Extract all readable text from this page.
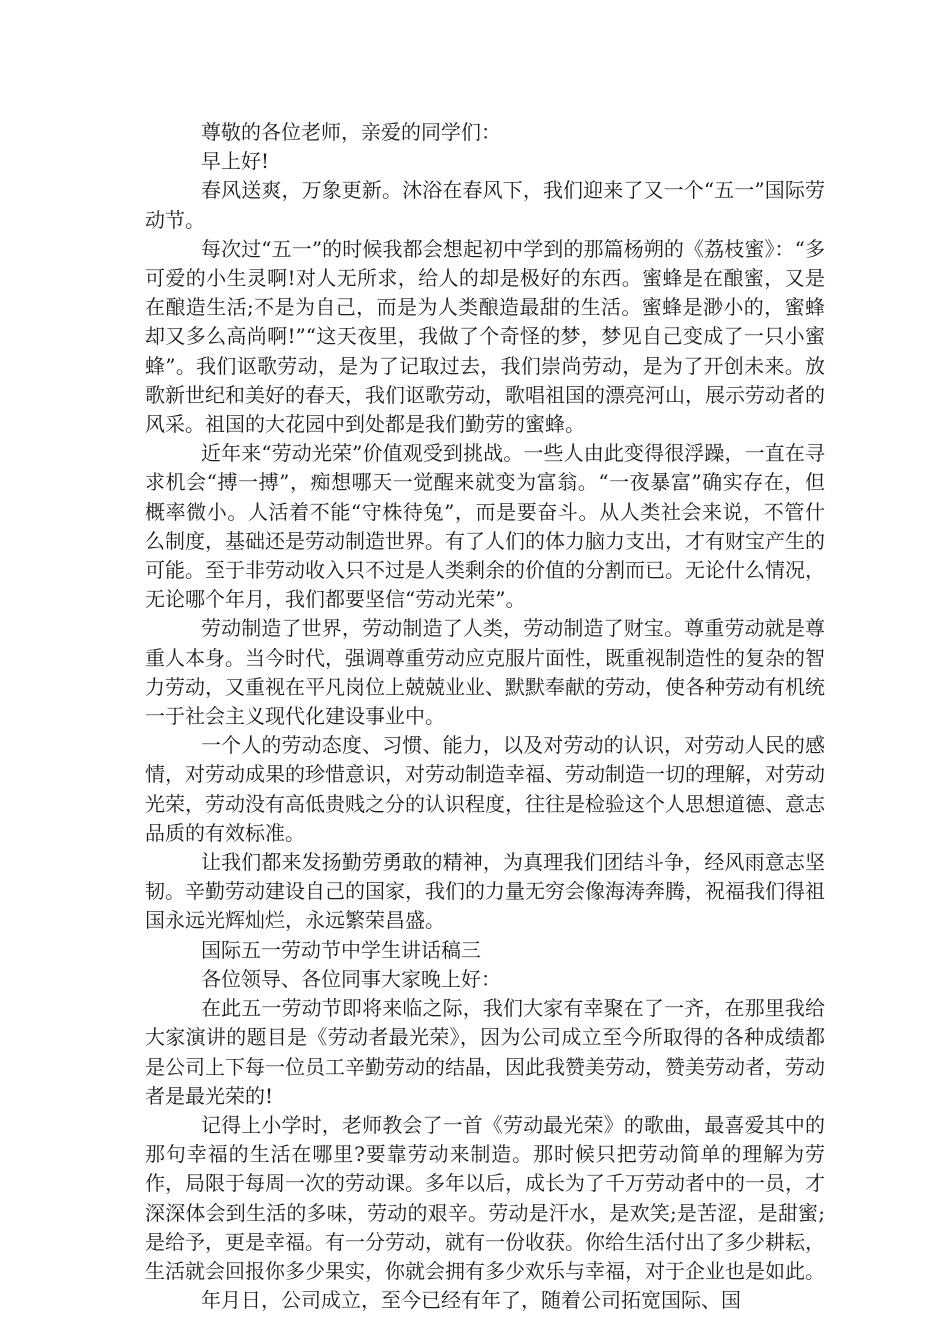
尊敬的各位老师，亲爱的同学们：

早上好!

春风送爽，万象更新。沐浴在春风下，我们迎来了又一个“五一”国际劳动节。

每次过“五一”的时候我都会想起初中学到的那篇杨朔的《荔枝蜜》：“多可爱的小生灵啊!对人无所求，给人的却是极好的东西。蜜蜂是在酿蜜，又是在酿造生活;不是为自己，而是为人类酿造最甜的生活。蜜蜂是渺小的，蜜蜂却又多么高尚啊!”“这天夜里，我做了个奇怪的梦，梦见自己变成了一只小蜜蜂”。我们讴歌劳动，是为了记取过去，我们崇尚劳动，是为了开创未来。放歌新世纪和美好的春天，我们讴歌劳动，歌唱祖国的漂亮河山，展示劳动者的风采。祖国的大花园中到处都是我们勤劳的蜜蜂。

近年来“劳动光荣”价值观受到挑战。一些人由此变得很浮躁，一直在寻求机会“搏一搏”，痴想哪天一觉醒来就变为富翁。“一夜暴富”确实存在，但概率微小。人活着不能“守株待兔”，而是要奋斗。从人类社会来说，不管什么制度，基础还是劳动制造世界。有了人们的体力脑力支出，才有财宝产生的可能。至于非劳动收入只不过是人类剩余的价值的分割而已。无论什么情况，无论哪个年月，我们都要坚信“劳动光荣”。

劳动制造了世界，劳动制造了人类，劳动制造了财宝。尊重劳动就是尊重人本身。当今时代，强调尊重劳动应克服片面性，既重视制造性的复杂的智力劳动，又重视在平凡岗位上兢兢业业、默默奉献的劳动，使各种劳动有机统一于社会主义现代化建设事业中。

一个人的劳动态度、习惯、能力，以及对劳动的认识，对劳动人民的感情，对劳动成果的珍惜意识，对劳动制造幸福、劳动制造一切的理解，对劳动光荣，劳动没有高低贵贱之分的认识程度，往往是检验这个人思想道德、意志品质的有效标准。

让我们都来发扬勤劳勇敢的精神，为真理我们团结斗争，经风雨意志坚韧。辛勤劳动建设自己的国家，我们的力量无穷会像海涛奔腾，祝福我们得祖国永远光辉灿烂，永远繁荣昌盛。

国际五一劳动节中学生讲话稿三

各位领导、各位同事大家晚上好：

在此五一劳动节即将来临之际，我们大家有幸聚在了一齐，在那里我给大家演讲的题目是《劳动者最光荣》，因为公司成立至今所取得的各种成绩都是公司上下每一位员工辛勤劳动的结晶，因此我赞美劳动，赞美劳动者，劳动者是最光荣的!

记得上小学时，老师教会了一首《劳动最光荣》的歌曲，最喜爱其中的那句幸福的生活在哪里?要靠劳动来制造。那时候只把劳动简单的理解为劳作，局限于每周一次的劳动课。多年以后，成长为了千万劳动者中的一员，才深深体会到生活的多味，劳动的艰辛。劳动是汗水，是欢笑;是苦涩，是甜蜜;是给予，更是幸福。有一分劳动，就有一份收获。你给生活付出了多少耕耘，生活就会回报你多少果实，你就会拥有多少欢乐与幸福，对于企业也是如此。

年月日，公司成立，至今已经有年了，随着公司拓宽国际、国
